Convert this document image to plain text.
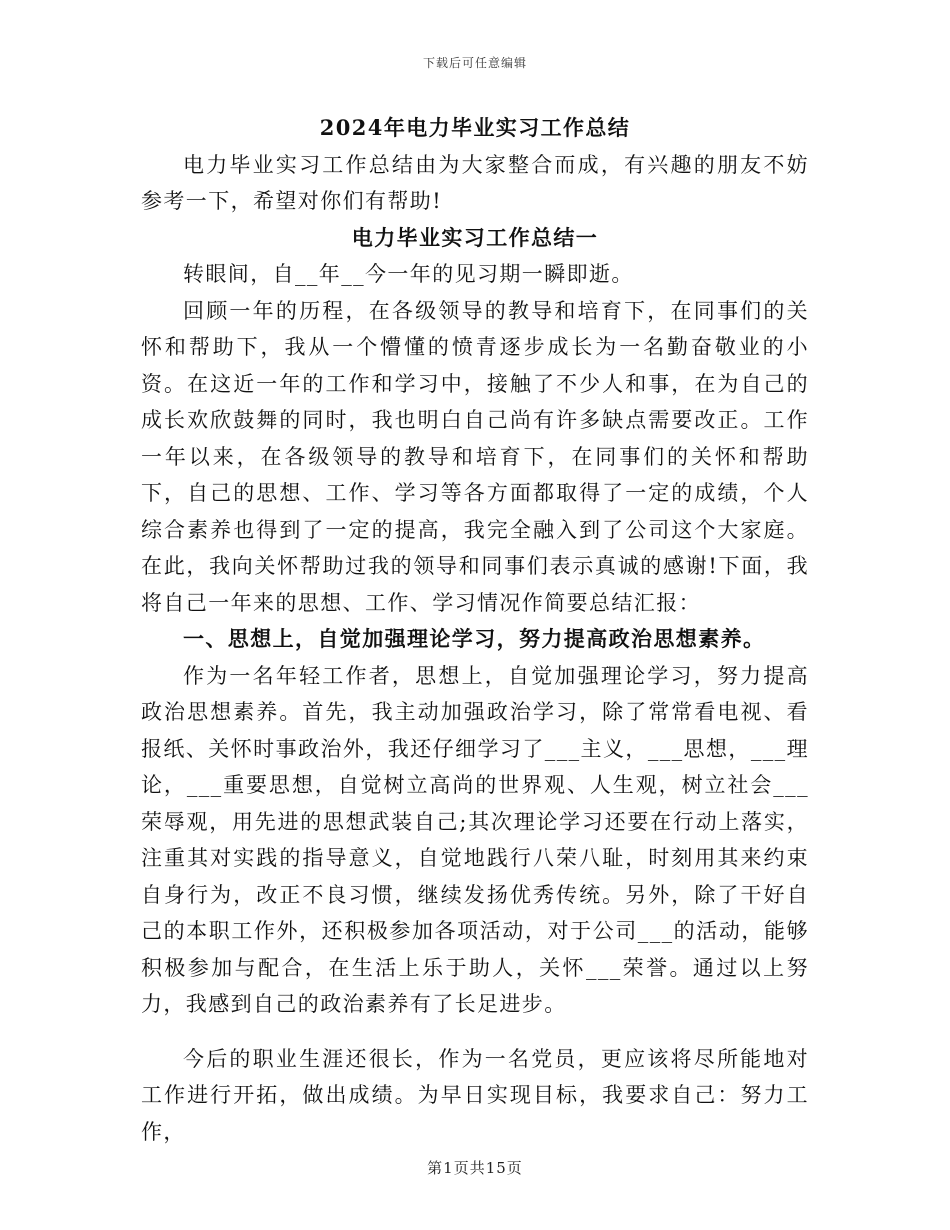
下载后可任意编辑

2024年电力毕业实习工作总结

电力毕业实习工作总结由为大家整合而成，有兴趣的朋友不妨参考一下，希望对你们有帮助!

电力毕业实习工作总结一

转眼间，自__年__今一年的见习期一瞬即逝。

回顾一年的历程，在各级领导的教导和培育下，在同事们的关怀和帮助下，我从一个懵懂的愤青逐步成长为一名勤奋敬业的小资。在这近一年的工作和学习中，接触了不少人和事，在为自己的成长欢欣鼓舞的同时，我也明白自己尚有许多缺点需要改正。工作一年以来，在各级领导的教导和培育下，在同事们的关怀和帮助下，自己的思想、工作、学习等各方面都取得了一定的成绩，个人综合素养也得到了一定的提高，我完全融入到了公司这个大家庭。在此，我向关怀帮助过我的领导和同事们表示真诚的感谢!下面，我将自己一年来的思想、工作、学习情况作简要总结汇报：

一、思想上，自觉加强理论学习，努力提高政治思想素养。

作为一名年轻工作者，思想上，自觉加强理论学习，努力提高政治思想素养。首先，我主动加强政治学习，除了常常看电视、看报纸、关怀时事政治外，我还仔细学习了___主义，___思想，___理论，___重要思想，自觉树立高尚的世界观、人生观，树立社会___荣辱观，用先进的思想武装自己;其次理论学习还要在行动上落实，注重其对实践的指导意义，自觉地践行八荣八耻，时刻用其来约束自身行为，改正不良习惯，继续发扬优秀传统。另外，除了干好自己的本职工作外，还积极参加各项活动，对于公司___的活动，能够积极参加与配合，在生活上乐于助人，关怀___荣誉。通过以上努力，我感到自己的政治素养有了长足进步。

今后的职业生涯还很长，作为一名党员，更应该将尽所能地对工作进行开拓，做出成绩。为早日实现目标，我要求自己：努力工作，

第1页共15页
